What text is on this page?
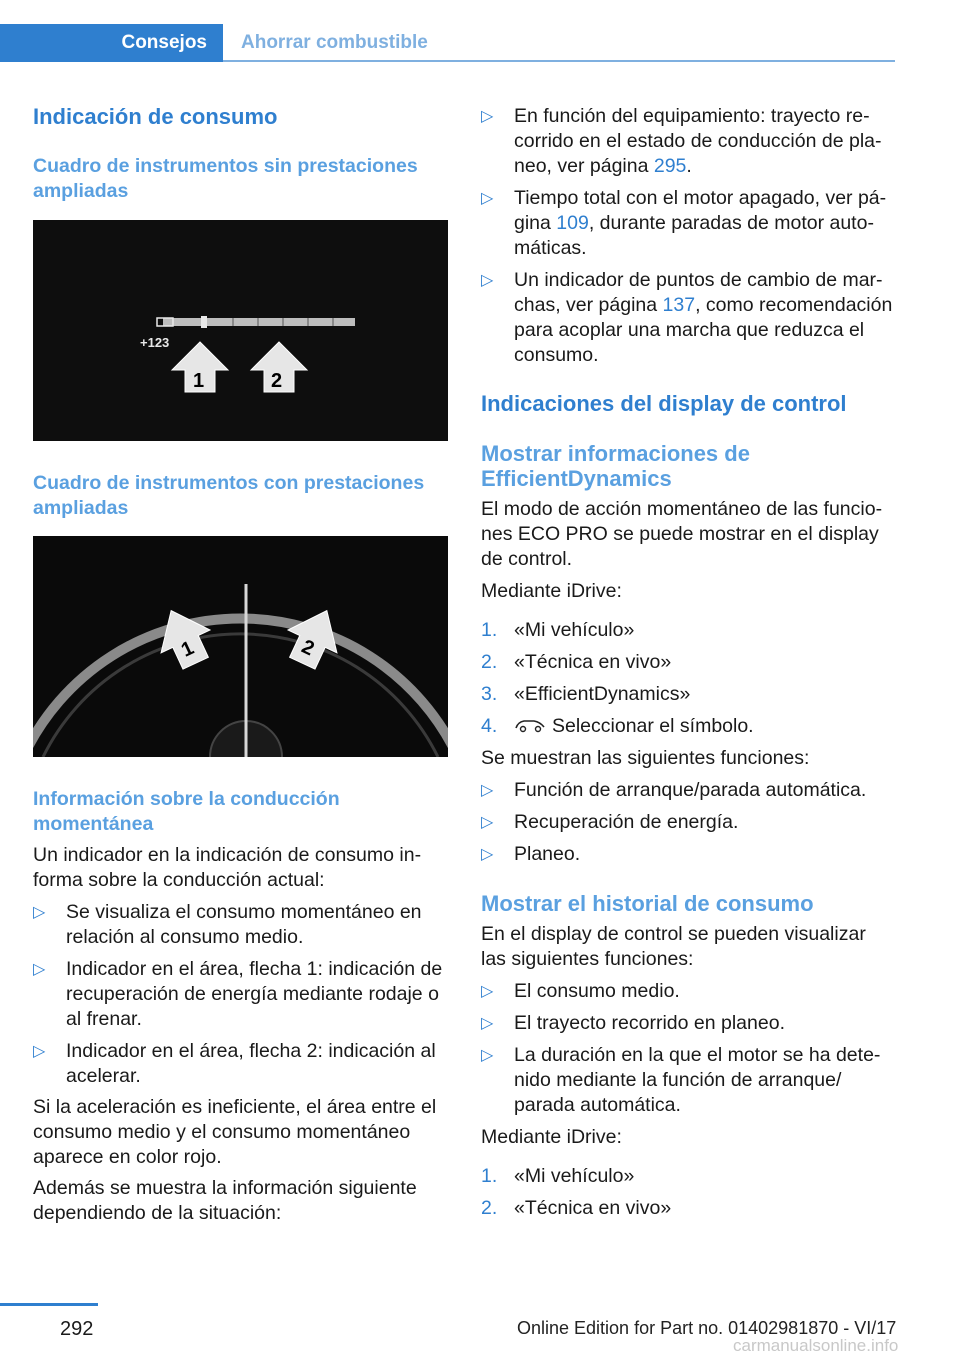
Consejos	Ahorrar combustible
Indicación de consumo
Cuadro de instrumentos sin prestaciones ampliadas
+123
1	2
Cuadro de instrumentos con prestaciones ampliadas
1	2
Información sobre la conducción momentánea

Un indicador en la indicación de consumo informa sobre la conducción actual:

▷ Se visualiza el consumo momentáneo en relación al consumo medio.
▷ Indicador en el área, flecha 1: indicación de recuperación de energía mediante rodaje o al frenar.
▷ Indicador en el área, flecha 2: indicación al acelerar.

Si la aceleración es ineficiente, el área entre el consumo medio y el consumo momentáneo aparece en color rojo.

Además se muestra la información siguiente dependiendo de la situación:

▷ En función del equipamiento: trayecto recorrido en el estado de conducción de planeo, ver página 295.
▷ Tiempo total con el motor apagado, ver página 109, durante paradas de motor automáticas.
▷ Un indicador de puntos de cambio de marchas, ver página 137, como recomendación para acoplar una marcha que reduzca el consumo.
Indicaciones del display de control
Mostrar informaciones de EfficientDynamics

El modo de acción momentáneo de las funciones ECO PRO se puede mostrar en el display de control.

Mediante iDrive:

1. «Mi vehículo»
2. «Técnica en vivo»
3. «EfficientDynamics»
4.	Seleccionar el símbolo.

Se muestran las siguientes funciones:

▷ Función de arranque/parada automática.
▷ Recuperación de energía.
▷ Planeo.
Mostrar el historial de consumo

En el display de control se pueden visualizar las siguientes funciones:

▷ El consumo medio.
▷ El trayecto recorrido en planeo.
▷ La duración en la que el motor se ha detenido mediante la función de arranque/ parada automática.

Mediante iDrive:

1. «Mi vehículo»
2. «Técnica en vivo»
292	Online Edition for Part no. 01402981870 - VI/17
carmanualsonline.info
